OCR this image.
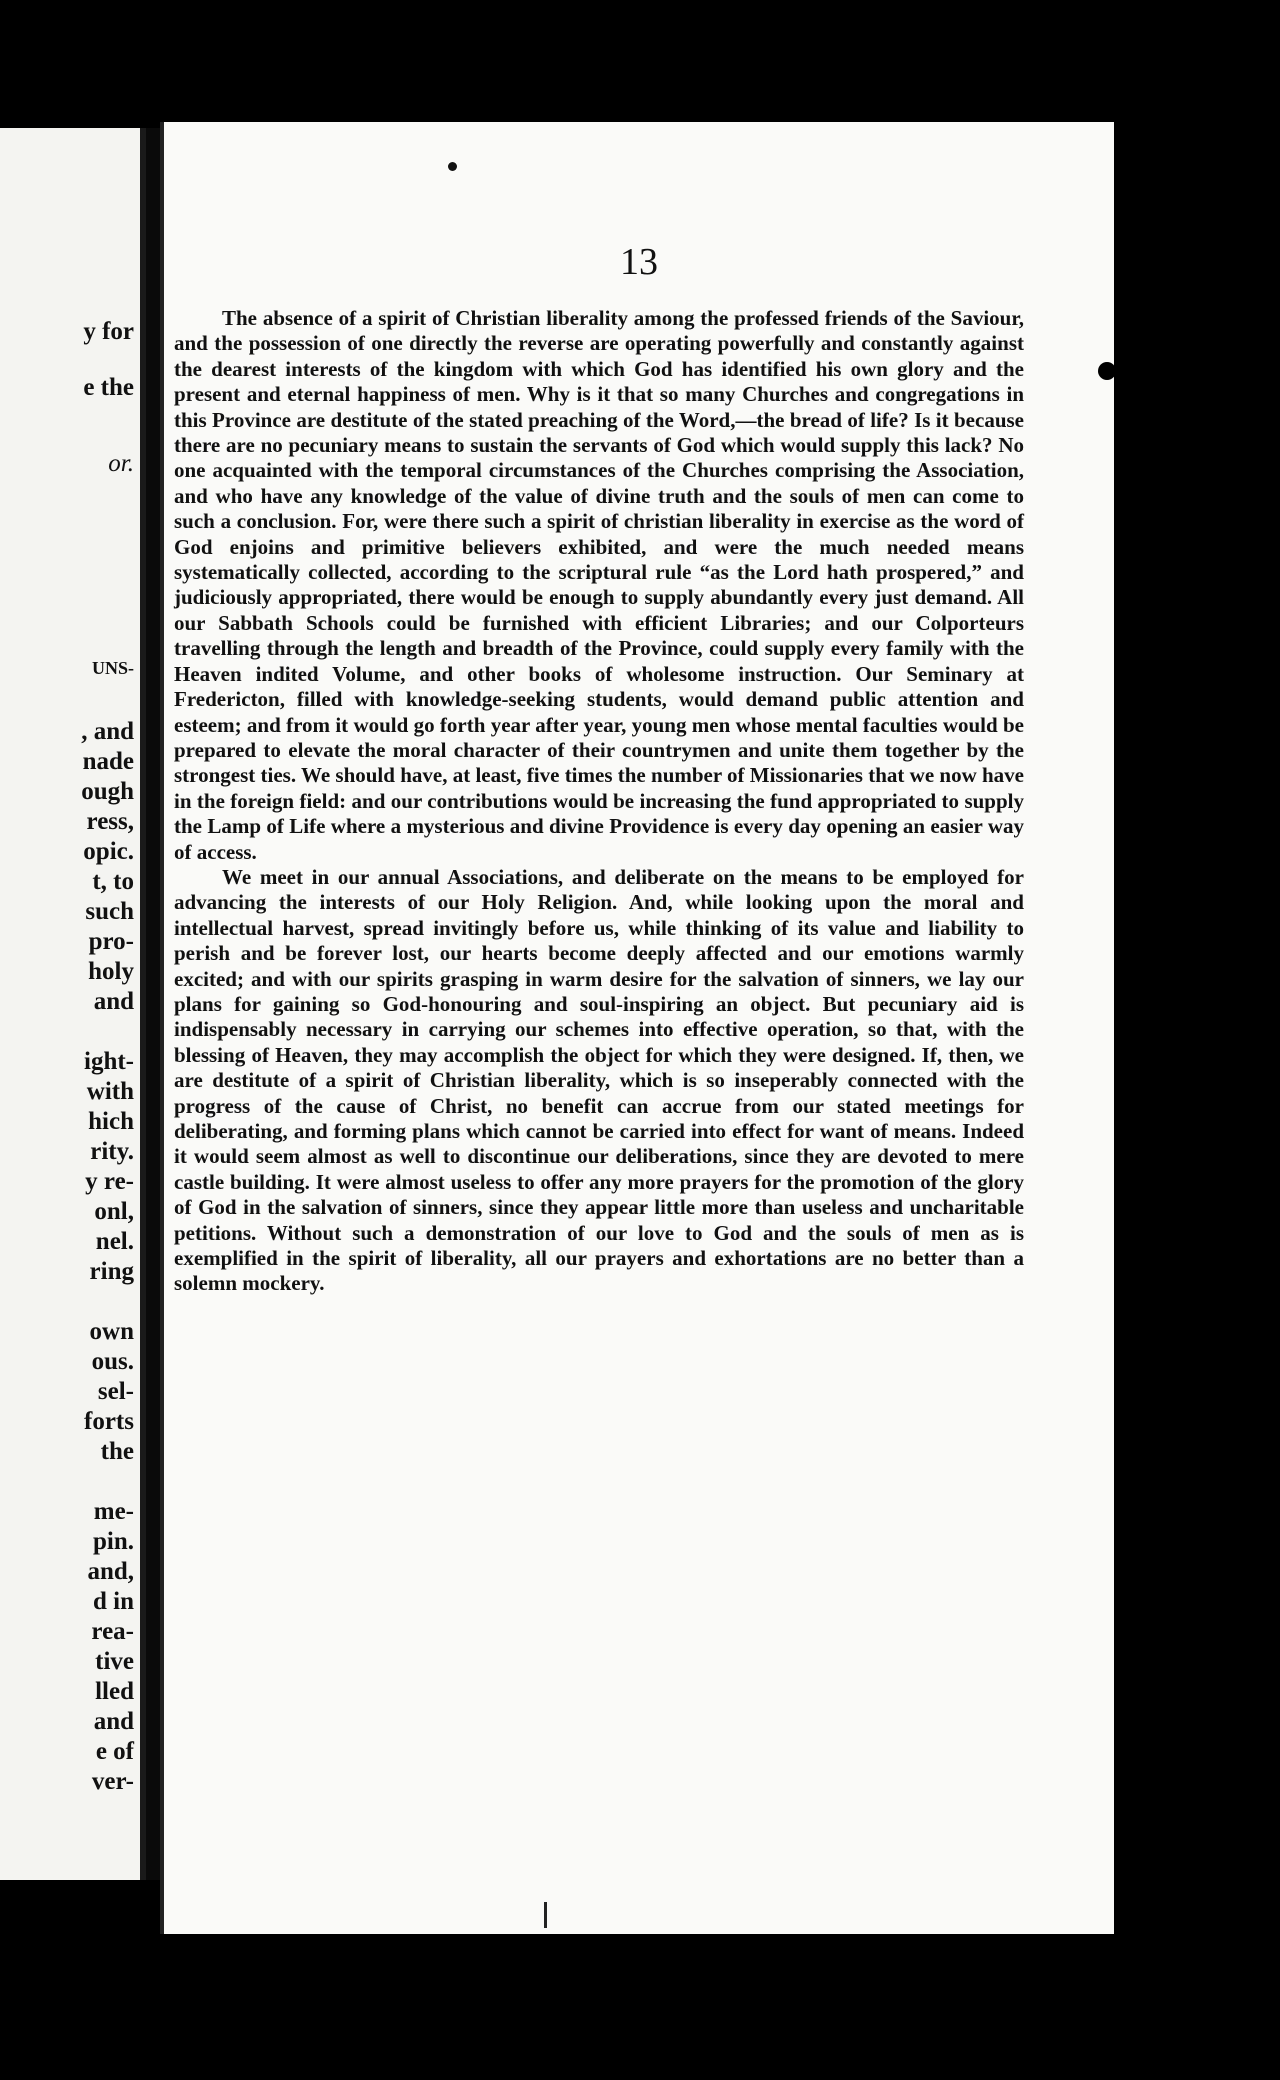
y for
e the
or.
UNS-
, and
nade
ough
ress,
opic.
t, to
such
pro-
holy
and
ight-
with
hich
rity.
y re-
onl,
nel.
ring
own
ous.
sel-
forts
the
me-
pin.
and,
d in
rea-
tive
lled
and
e of
ver-
13

The absence of a spirit of Christian liberality among the professed friends of the Saviour, and the possession of one directly the reverse are operating powerfully and constantly against the dearest interests of the kingdom with which God has identified his own glory and the present and eternal happiness of men. Why is it that so many Churches and congregations in this Province are destitute of the stated preaching of the Word,—the bread of life? Is it because there are no pecuniary means to sustain the servants of God which would supply this lack? No one acquainted with the temporal circumstances of the Churches comprising the Association, and who have any knowledge of the value of divine truth and the souls of men can come to such a conclusion. For, were there such a spirit of christian liberality in exercise as the word of God enjoins and primitive believers exhibited, and were the much needed means systematically collected, according to the scriptural rule “as the Lord hath prospered,” and judiciously appropriated, there would be enough to supply abundantly every just demand. All our Sabbath Schools could be furnished with efficient Libraries; and our Colporteurs travelling through the length and breadth of the Province, could supply every family with the Heaven indited Volume, and other books of wholesome instruction. Our Seminary at Fredericton, filled with knowledge-seeking students, would demand public attention and esteem; and from it would go forth year after year, young men whose mental faculties would be prepared to elevate the moral character of their countrymen and unite them together by the strongest ties. We should have, at least, five times the number of Missionaries that we now have in the foreign field: and our contributions would be increasing the fund appropriated to supply the Lamp of Life where a mysterious and divine Providence is every day opening an easier way of access.

We meet in our annual Associations, and deliberate on the means to be employed for advancing the interests of our Holy Religion. And, while looking upon the moral and intellectual harvest, spread invitingly before us, while thinking of its value and liability to perish and be forever lost, our hearts become deeply affected and our emotions warmly excited; and with our spirits grasping in warm desire for the salvation of sinners, we lay our plans for gaining so God-honouring and soul-inspiring an object. But pecuniary aid is indispensably necessary in carrying our schemes into effective operation, so that, with the blessing of Heaven, they may accomplish the object for which they were designed. If, then, we are destitute of a spirit of Christian liberality, which is so inseperably connected with the progress of the cause of Christ, no benefit can accrue from our stated meetings for deliberating, and forming plans which cannot be carried into effect for want of means. Indeed it would seem almost as well to discontinue our deliberations, since they are devoted to mere castle building. It were almost useless to offer any more prayers for the promotion of the glory of God in the salvation of sinners, since they appear little more than useless and uncharitable petitions. Without such a demonstration of our love to God and the souls of men as is exemplified in the spirit of liberality, all our prayers and exhortations are no better than a solemn mockery.
